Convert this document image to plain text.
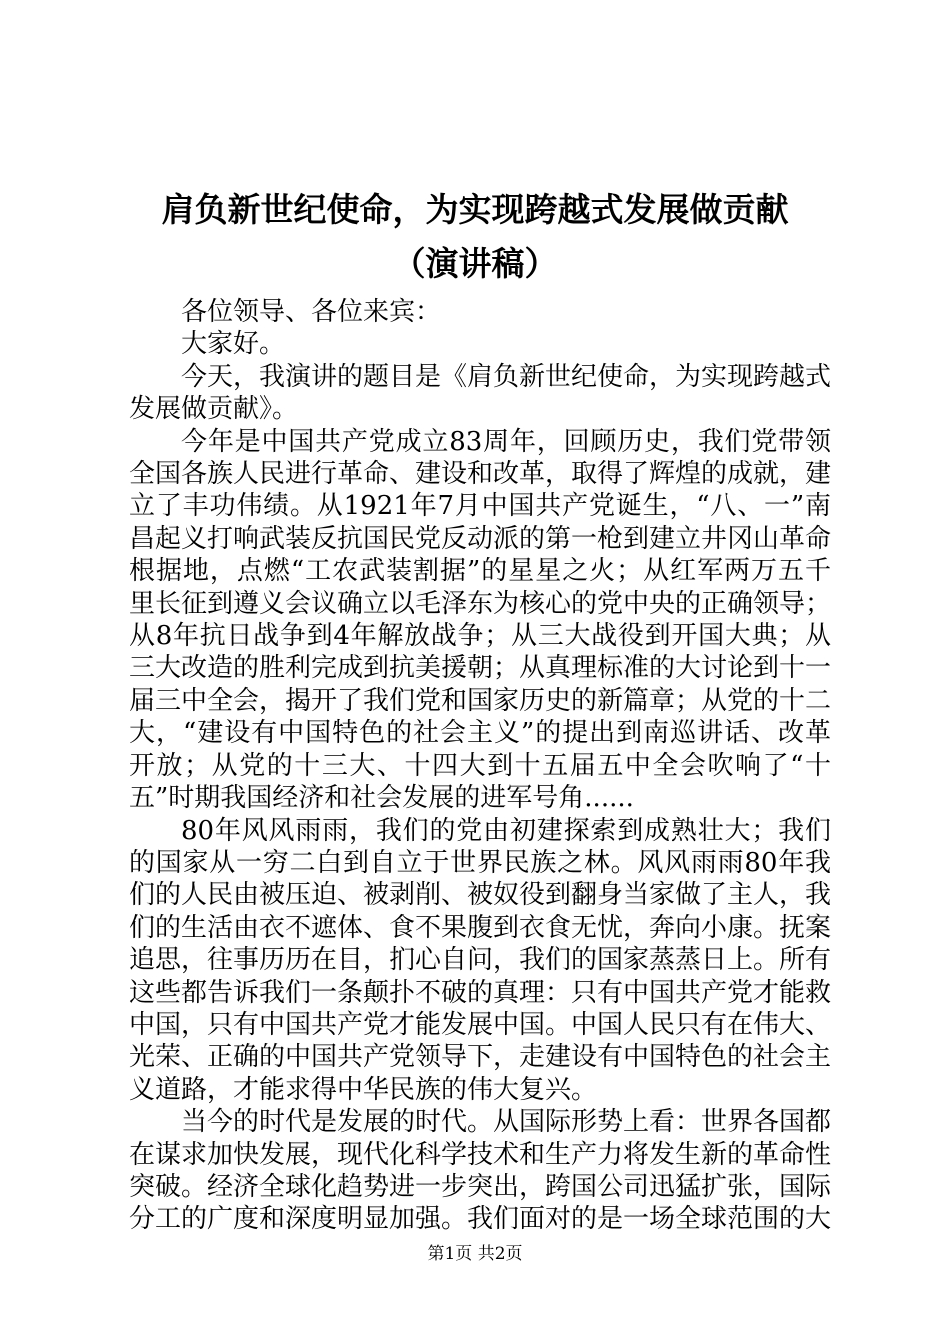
肩负新世纪使命，为实现跨越式发展做贡献
（演讲稿）

各位领导、各位来宾：

大家好。

今天，我演讲的题目是《肩负新世纪使命，为实现跨越式发展做贡献》。

今年是中国共产党成立83周年，回顾历史，我们党带领全国各族人民进行革命、建设和改革，取得了辉煌的成就，建立了丰功伟绩。从1921年7月中国共产党诞生，“八、一”南昌起义打响武装反抗国民党反动派的第一枪到建立井冈山革命根据地，点燃“工农武装割据”的星星之火；从红军两万五千里长征到遵义会议确立以毛泽东为核心的党中央的正确领导；从8年抗日战争到4年解放战争；从三大战役到开国大典；从三大改造的胜利完成到抗美援朝；从真理标准的大讨论到十一届三中全会，揭开了我们党和国家历史的新篇章；从党的十二大，“建设有中国特色的社会主义”的提出到南巡讲话、改革开放；从党的十三大、十四大到十五届五中全会吹响了“十五”时期我国经济和社会发展的进军号角......

80年风风雨雨，我们的党由初建探索到成熟壮大；我们的国家从一穷二白到自立于世界民族之林。风风雨雨80年我们的人民由被压迫、被剥削、被奴役到翻身当家做了主人，我们的生活由衣不遮体、食不果腹到衣食无忧，奔向小康。抚案追思，往事历历在目，扪心自问，我们的国家蒸蒸日上。所有这些都告诉我们一条颠扑不破的真理：只有中国共产党才能救中国，只有中国共产党才能发展中国。中国人民只有在伟大、光荣、正确的中国共产党领导下，走建设有中国特色的社会主义道路，才能求得中华民族的伟大复兴。

当今的时代是发展的时代。从国际形势上看：世界各国都在谋求加快发展，现代化科学技术和生产力将发生新的革命性突破。经济全球化趋势进一步突出，跨国公司迅猛扩张，国际分工的广度和深度明显加强。我们面对的是一场全球范围的大

第1页 共2页
